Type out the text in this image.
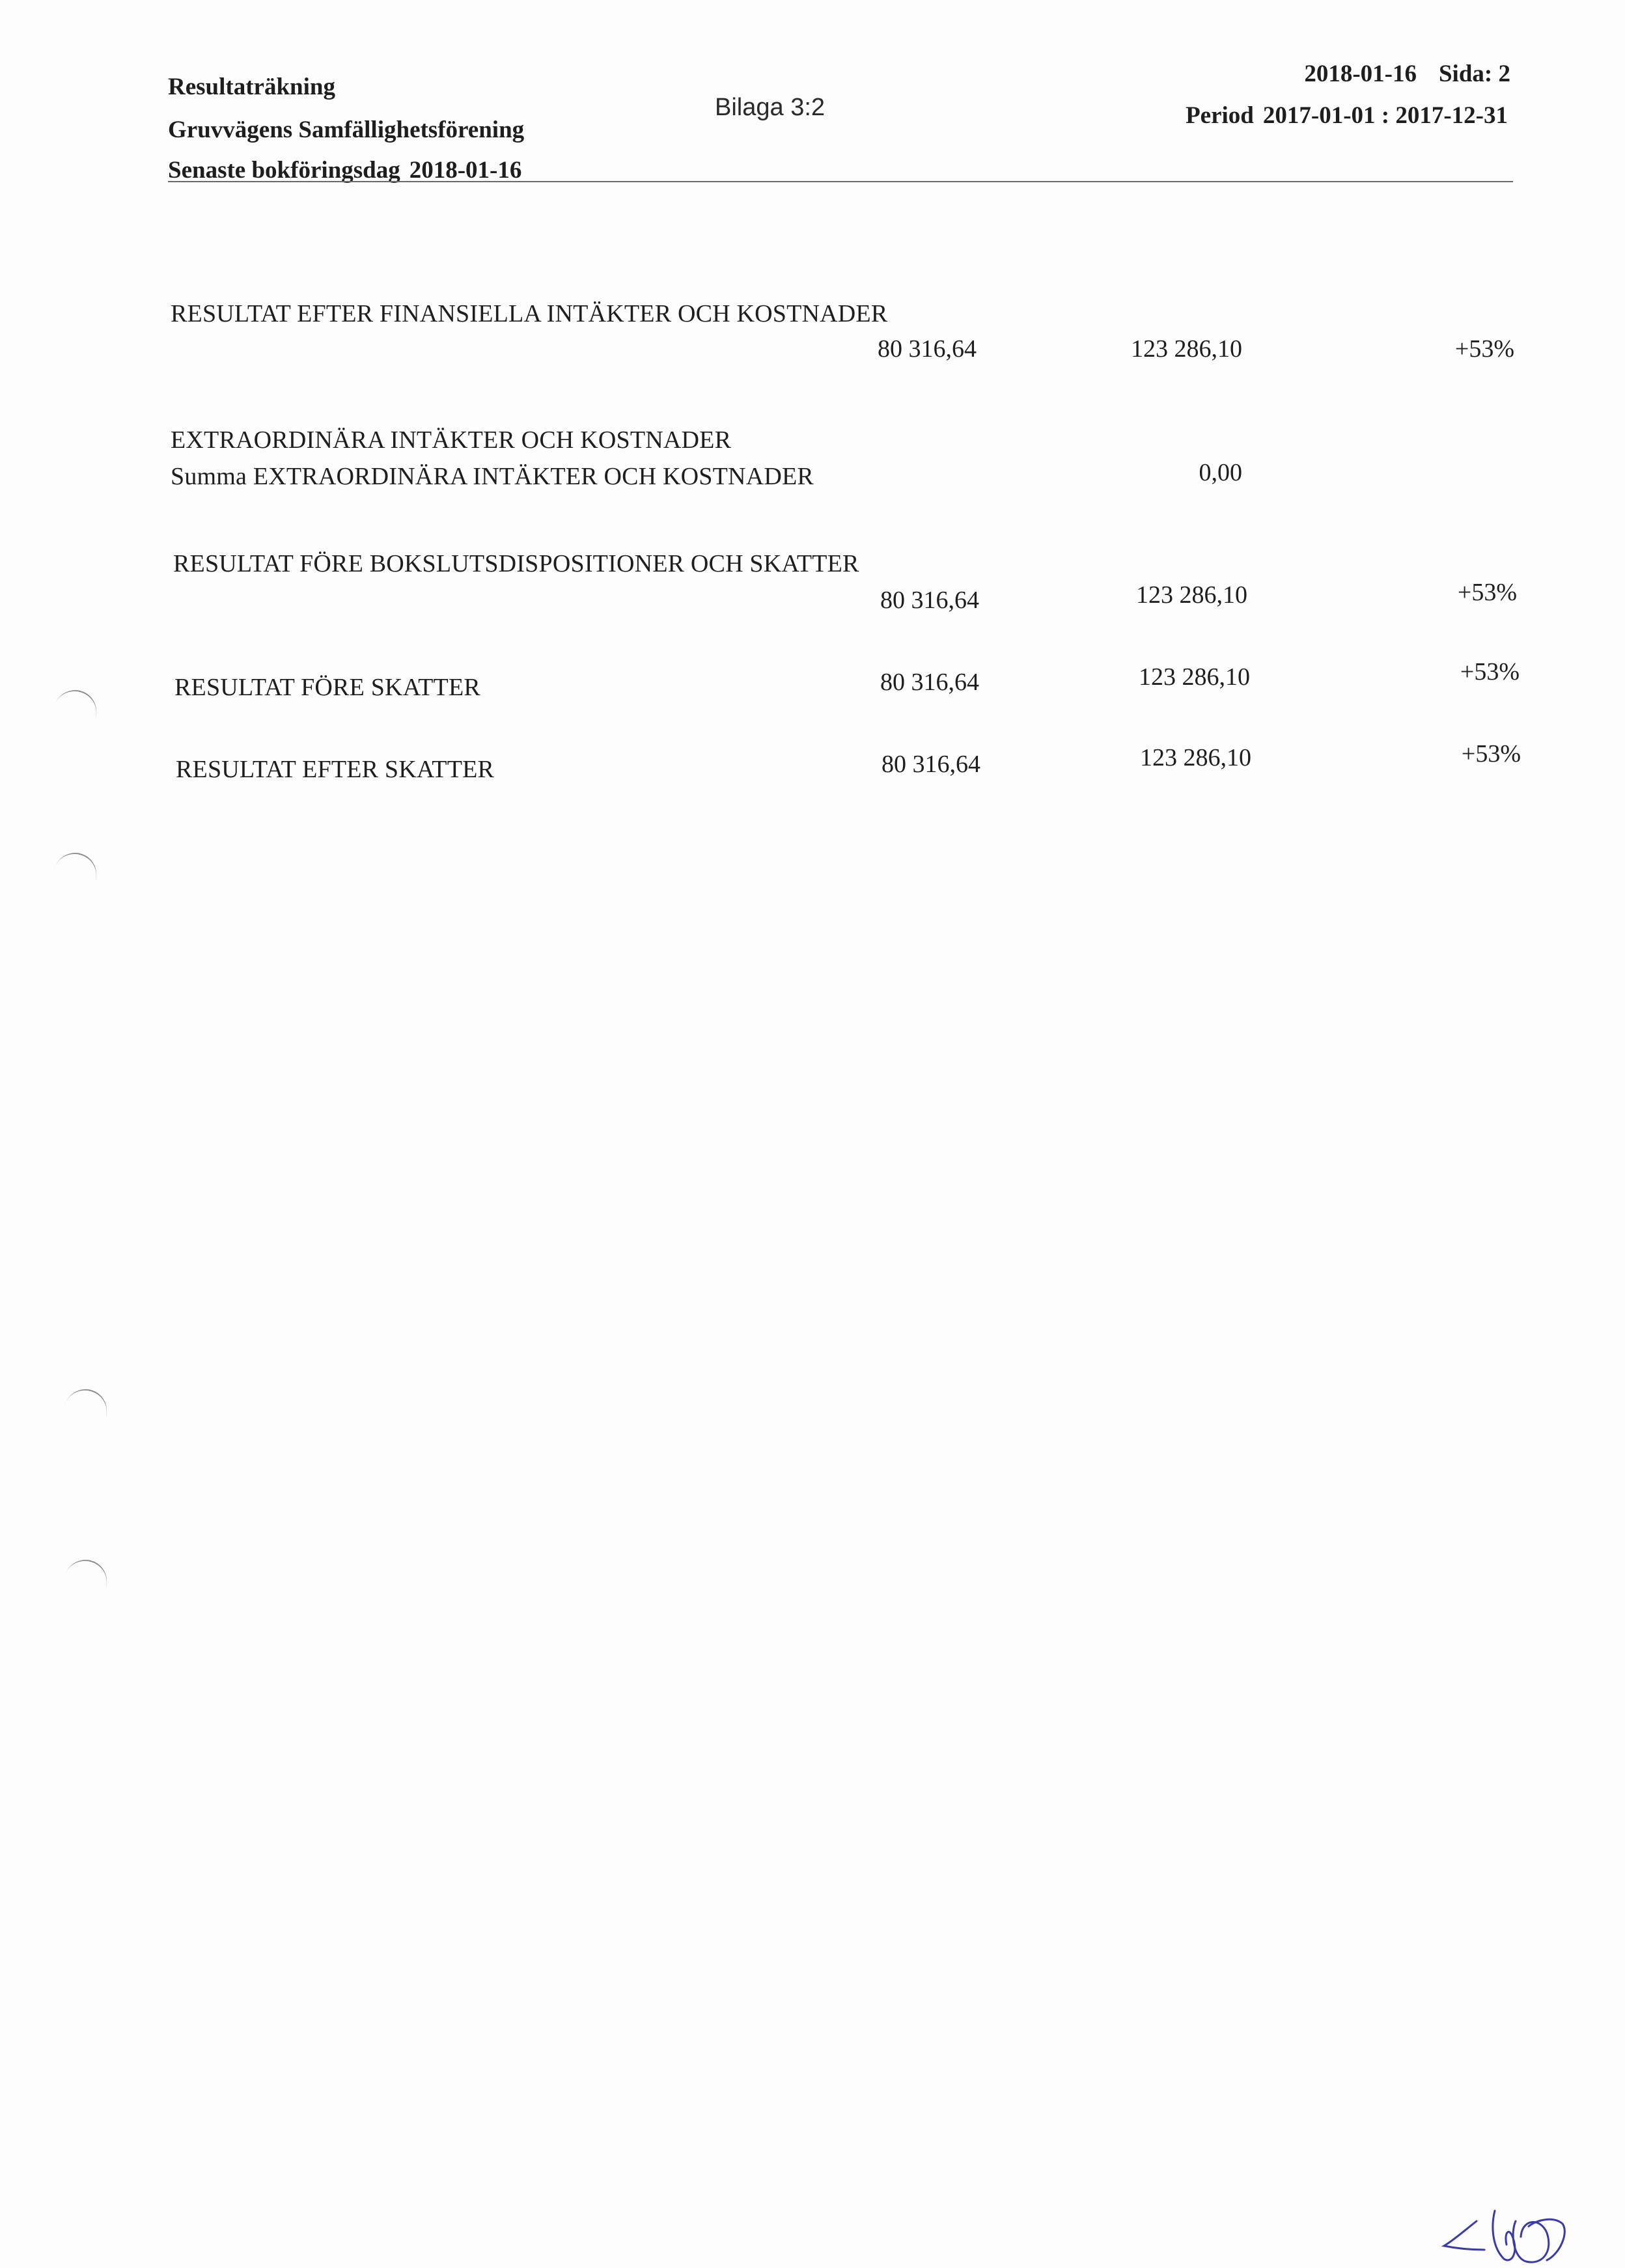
Resultaträkning
Gruvvägens Samfällighetsförening
Senaste bokföringsdag 2018-01-16
Bilaga 3:2
2018-01-16 Sida: 2
Period 2017-01-01 : 2017-12-31
RESULTAT EFTER FINANSIELLA INTÄKTER OCH KOSTNADER
80 316,64	123 286,10	+53%
EXTRAORDINÄRA INTÄKTER OCH KOSTNADER
Summa EXTRAORDINÄRA INTÄKTER OCH KOSTNADER	0,00
RESULTAT FÖRE BOKSLUTSDISPOSITIONER OCH SKATTER
80 316,64	123 286,10	+53%
RESULTAT FÖRE SKATTER	80 316,64	123 286,10	+53%
RESULTAT EFTER SKATTER	80 316,64	123 286,10	+53%
